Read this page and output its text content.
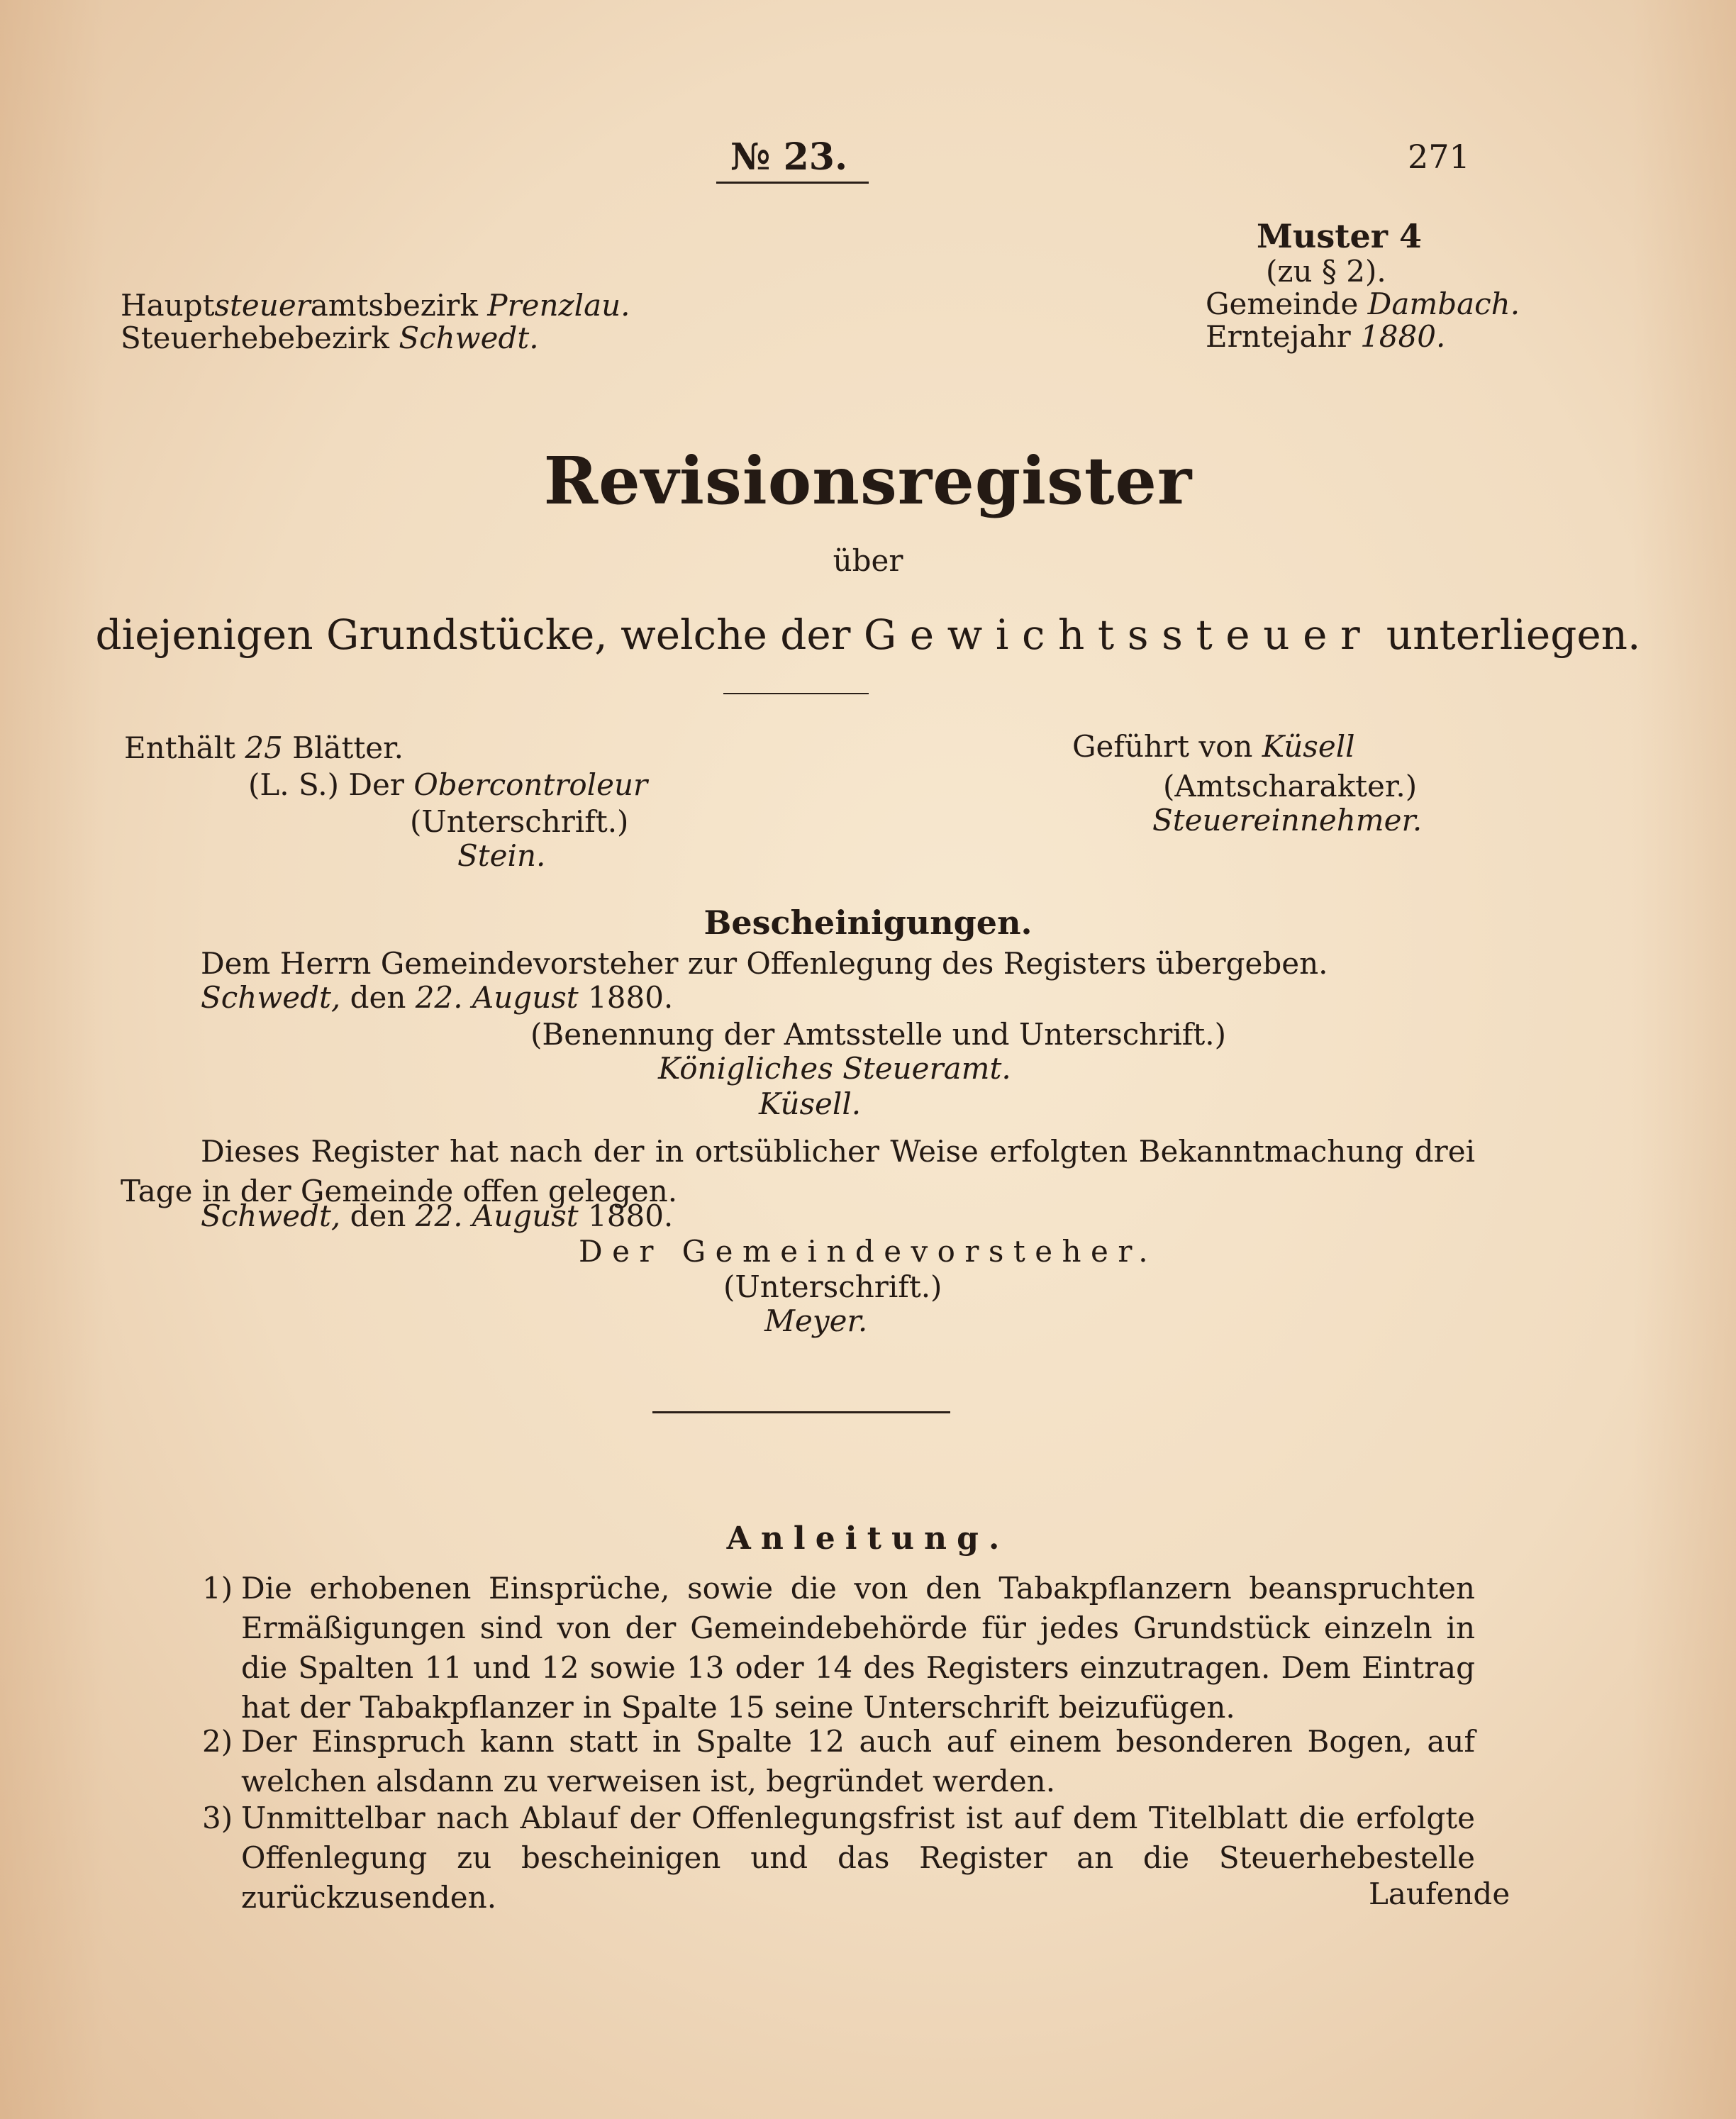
№ 23.	271
Hauptsteueramtsbezirk Prenzlau.
Steuerhebebezirk Schwedt.
Muster 4
(zu § 2).
Gemeinde Dambach.
Erntejahr 1880.
Revisionsregister
über
diejenigen Grundstücke, welche der Gewichtssteuer unterliegen.
Enthält 25 Blätter.
(L. S.) Der Obercontroleur
(Unterschrift.)
Stein.
Geführt von Küsell
(Amtscharakter.)
Steuereinnehmer.
Bescheinigungen.
Dem Herrn Gemeindevorsteher zur Offenlegung des Registers übergeben.
Schwedt, den 22. August 1880.
(Benennung der Amtsstelle und Unterschrift.)
Königliches Steueramt.
Küsell.
Dieses Register hat nach der in ortsüblicher Weise erfolgten Bekanntmachung drei Tage in der Gemeinde offen gelegen.
Schwedt, den 22. August 1880.
Der Gemeindevorsteher.
(Unterschrift.)
Meyer.
Anleitung.
1) Die erhobenen Einsprüche, sowie die von den Tabakpflanzern beanspruchten Ermäßigungen sind von der Gemeindebehörde für jedes Grundstück einzeln in die Spalten 11 und 12 sowie 13 oder 14 des Registers einzutragen. Dem Eintrag hat der Tabakpflanzer in Spalte 15 seine Unterschrift beizufügen.
2) Der Einspruch kann statt in Spalte 12 auch auf einem besonderen Bogen, auf welchen alsdann zu verweisen ist, begründet werden.
3) Unmittelbar nach Ablauf der Offenlegungsfrist ist auf dem Titelblatt die erfolgte Offenlegung zu bescheinigen und das Register an die Steuerhebestelle zurückzusenden.	Laufende
